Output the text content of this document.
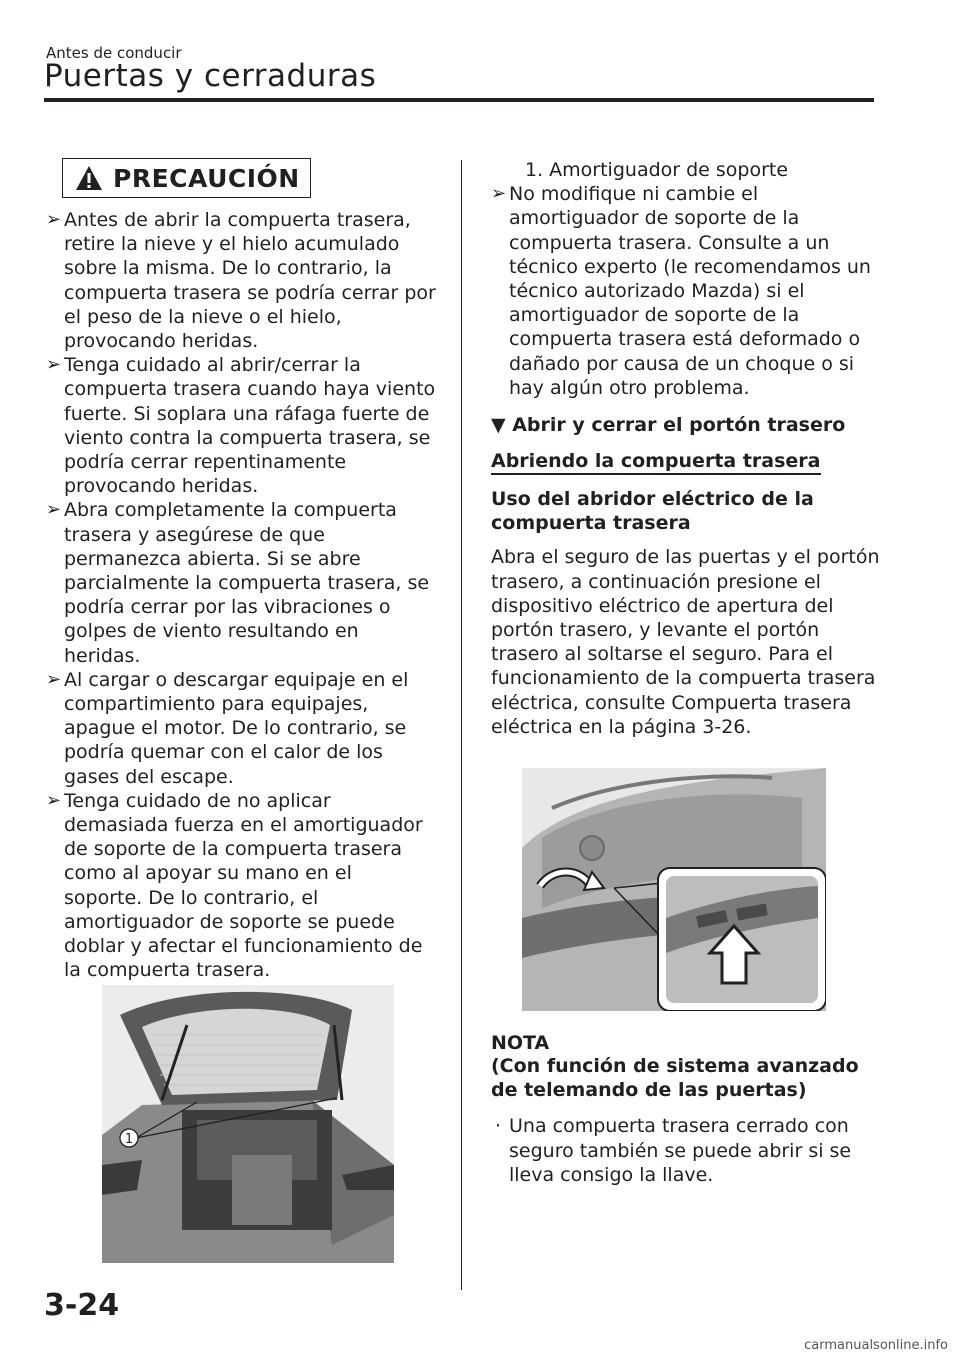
Antes de conducir
Puertas y cerraduras
PRECAUCIÓN
➢ Antes de abrir la compuerta trasera, retire la nieve y el hielo acumulado sobre la misma. De lo contrario, la compuerta trasera se podría cerrar por el peso de la nieve o el hielo, provocando heridas.
➢ Tenga cuidado al abrir/cerrar la compuerta trasera cuando haya viento fuerte. Si soplara una ráfaga fuerte de viento contra la compuerta trasera, se podría cerrar repentinamente provocando heridas.
➢ Abra completamente la compuerta trasera y asegúrese de que permanezca abierta. Si se abre parcialmente la compuerta trasera, se podría cerrar por las vibraciones o golpes de viento resultando en heridas.
➢ Al cargar o descargar equipaje en el compartimiento para equipajes, apague el motor. De lo contrario, se podría quemar con el calor de los gases del escape.
➢ Tenga cuidado de no aplicar demasiada fuerza en el amortiguador de soporte de la compuerta trasera como al apoyar su mano en el soporte. De lo contrario, el amortiguador de soporte se puede doblar y afectar el funcionamiento de la compuerta trasera.
1
1. Amortiguador de soporte
➢ No modifique ni cambie el amortiguador de soporte de la compuerta trasera. Consulte a un técnico experto (le recomendamos un técnico autorizado Mazda) si el amortiguador de soporte de la compuerta trasera está deformado o dañado por causa de un choque o si hay algún otro problema.
▼ Abrir y cerrar el portón trasero
Abriendo la compuerta trasera
Uso del abridor eléctrico de la compuerta trasera
Abra el seguro de las puertas y el portón trasero, a continuación presione el dispositivo eléctrico de apertura del portón trasero, y levante el portón trasero al soltarse el seguro. Para el funcionamiento de la compuerta trasera eléctrica, consulte Compuerta trasera eléctrica en la página 3-26.
NOTA
(Con función de sistema avanzado de telemando de las puertas)
· Una compuerta trasera cerrado con seguro también se puede abrir si se lleva consigo la llave.
3-24
carmanualsonline.info
